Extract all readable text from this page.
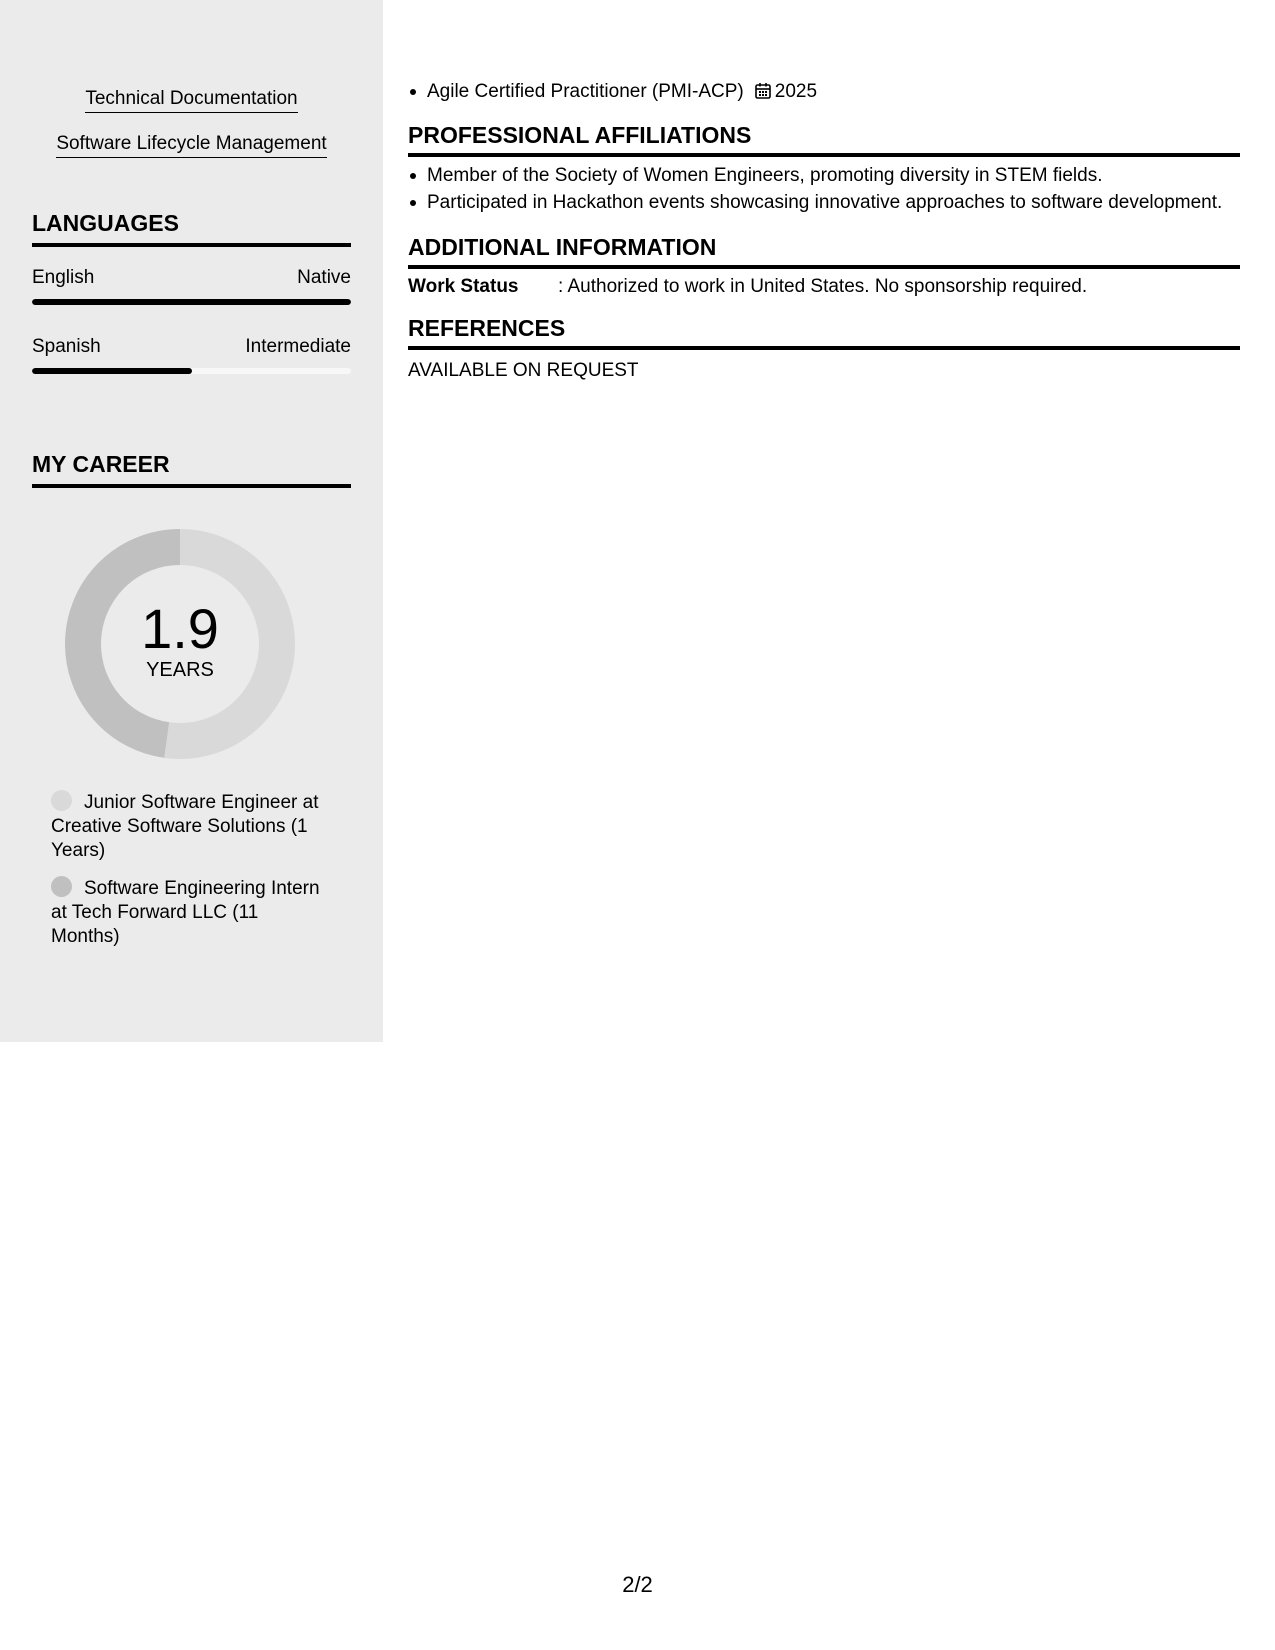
Technical Documentation
Software Lifecycle Management
LANGUAGES
English	Native
Spanish	Intermediate
MY CAREER
1.9
YEARS
Junior Software Engineer at Creative Software Solutions (1 Years)
Software Engineering Intern at Tech Forward LLC (11 Months)
Agile Certified Practitioner (PMI-ACP) 2025
PROFESSIONAL AFFILIATIONS
Member of the Society of Women Engineers, promoting diversity in STEM fields.
Participated in Hackathon events showcasing innovative approaches to software development.
ADDITIONAL INFORMATION
Work Status : Authorized to work in United States. No sponsorship required.
REFERENCES
AVAILABLE ON REQUEST
2/2
